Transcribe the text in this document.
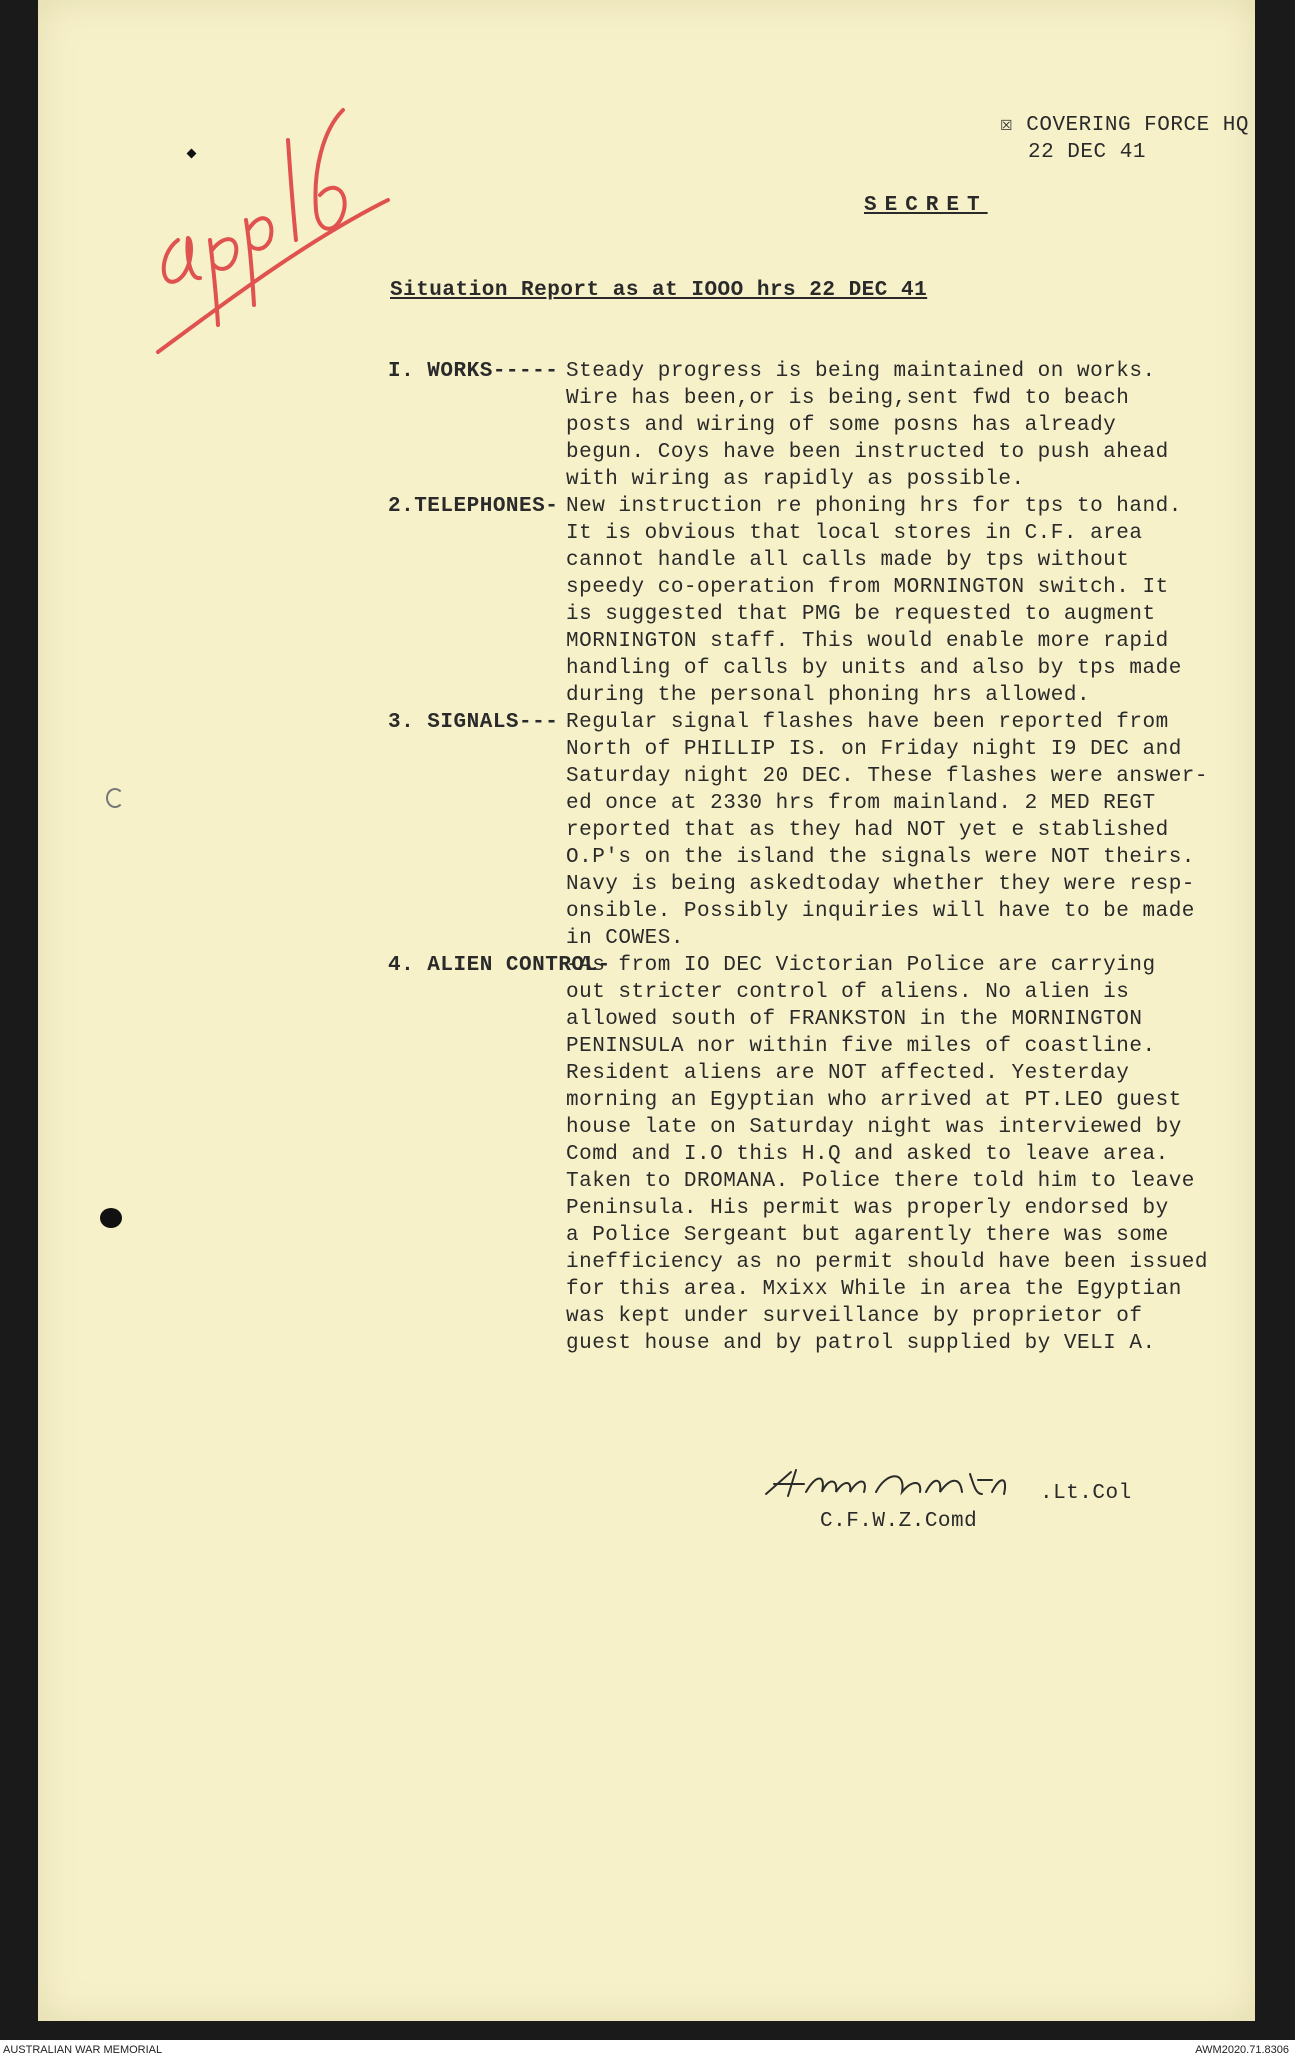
☒ COVERING FORCE HQ
22 DEC 41
SECRET
Situation Report as at IOOO hrs 22 DEC 41
I. WORKS----- Steady progress is being maintained on works.
Wire has been,or is being,sent fwd to beach
posts and wiring of some posns has already
begun. Coys have been instructed to push ahead
with wiring as rapidly as possible.
2.TELEPHONES- New instruction re phoning hrs for tps to hand.
It is obvious that local stores in C.F. area
cannot handle all calls made by tps without
speedy co-operation from MORNINGTON switch. It
is suggested that PMG be requested to augment
MORNINGTON staff. This would enable more rapid
handling of calls by units and also by tps made
during the personal phoning hrs allowed.
3. SIGNALS--- Regular signal flashes have been reported from
North of PHILLIP IS. on Friday night I9 DEC and
Saturday night 20 DEC. These flashes were answer-
ed once at 2330 hrs from mainland. 2 MED REGT
reported that as they had NOT yet e stablished
O.P's on the island the signals were NOT theirs.
Navy is being askedtoday whether they were resp-
onsible. Possibly inquiries will have to be made
in COWES.
4. ALIEN CONTROL-
-As from IO DEC Victorian Police are carrying
out stricter control of aliens. No alien is
allowed south of FRANKSTON in the MORNINGTON
PENINSULA nor within five miles of coastline.
Resident aliens are NOT affected. Yesterday
morning an Egyptian who arrived at PT.LEO guest
house late on Saturday night was interviewed by
Comd and I.O this H.Q and asked to leave area.
Taken to DROMANA. Police there told him to leave
Peninsula. His permit was properly endorsed by
a Police Sergeant but agarently there was some
inefficiency as no permit should have been issued
for this area. Mxixx While in area the Egyptian
was kept under surveillance by proprietor of
guest house and by patrol supplied by VELI A.
.Lt.Col
C.F.W.Z.Comd
AUSTRALIAN WAR MEMORIAL	AWM2020.71.8306
